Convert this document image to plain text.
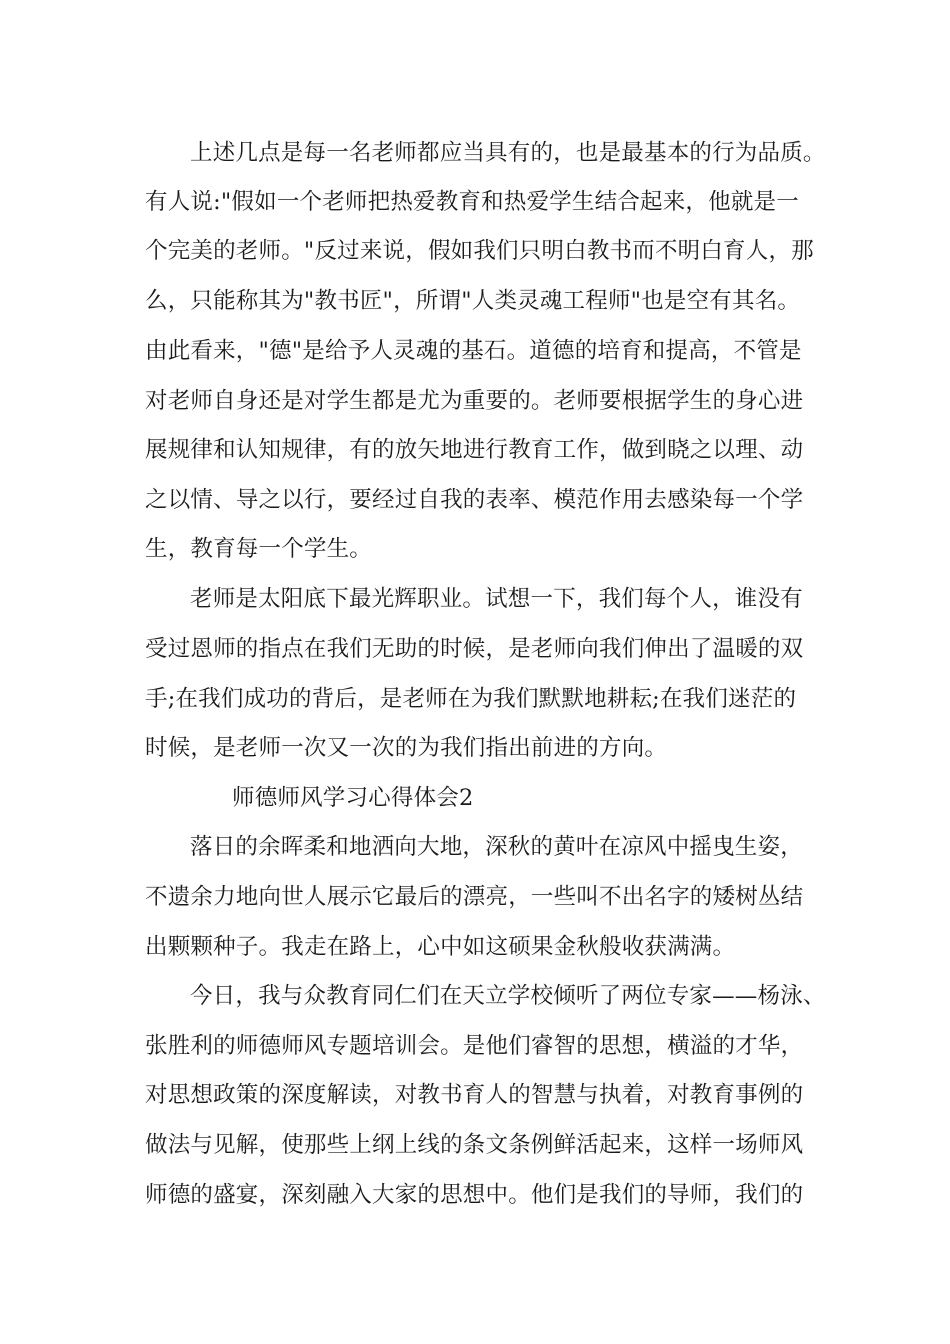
上述几点是每一名老师都应当具有的，也是最基本的行为品质。
有人说:"假如一个老师把热爱教育和热爱学生结合起来，他就是一
个完美的老师。"反过来说，假如我们只明白教书而不明白育人，那
么，只能称其为"教书匠"，所谓"人类灵魂工程师"也是空有其名。
由此看来，"德"是给予人灵魂的基石。道德的培育和提高，不管是
对老师自身还是对学生都是尤为重要的。老师要根据学生的身心进
展规律和认知规律，有的放矢地进行教育工作，做到晓之以理、动
之以情、导之以行，要经过自我的表率、模范作用去感染每一个学
生，教育每一个学生。
老师是太阳底下最光辉职业。试想一下，我们每个人，谁没有
受过恩师的指点在我们无助的时候，是老师向我们伸出了温暖的双
手;在我们成功的背后，是老师在为我们默默地耕耘;在我们迷茫的
时候，是老师一次又一次的为我们指出前进的方向。
师德师风学习心得体会2
落日的余晖柔和地洒向大地，深秋的黄叶在凉风中摇曳生姿，
不遗余力地向世人展示它最后的漂亮，一些叫不出名字的矮树丛结
出颗颗种子。我走在路上，心中如这硕果金秋般收获满满。
今日，我与众教育同仁们在天立学校倾听了两位专家——杨泳、
张胜利的师德师风专题培训会。是他们睿智的思想，横溢的才华，
对思想政策的深度解读，对教书育人的智慧与执着，对教育事例的
做法与见解，使那些上纲上线的条文条例鲜活起来，这样一场师风
师德的盛宴，深刻融入大家的思想中。他们是我们的导师，我们的
